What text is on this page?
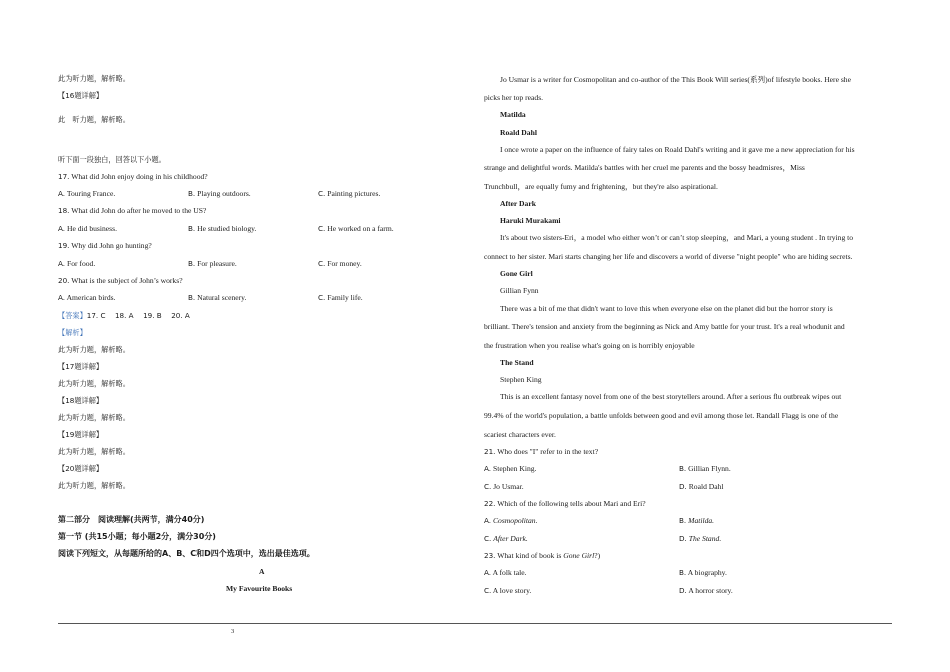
此为听力题，解析略。
【16题详解】
此　听力题，解析略。
听下面一段独白，回答以下小题。
17. What did John enjoy doing in his childhood?
A. Touring France.	B. Playing outdoors.	C. Painting pictures.
18. What did John do after he moved to the US?
A. He did business.	B. He studied biology.	C. He worked on a farm.
19. Why did John go hunting?
A. For food.	B. For pleasure.	C. For money.
20. What is the subject of John’s works?
A. American birds.	B. Natural scenery.	C. Family life.
【答案】17. C　 18. A　 19. B　 20. A
【解析】
此为听力题，解析略。
【17题详解】
此为听力题，解析略。
【18题详解】
此为听力题，解析略。
【19题详解】
此为听力题，解析略。
【20题详解】
此为听力题，解析略。
第二部分　阅读理解(共两节，满分40分)
第一节 (共15小题；每小题2分，满分30分)
阅读下列短文，从每题所给的A、B、C和D四个选项中，选出最佳选项。
A
My Favourite Books
Jo Usmar is a writer for Cosmopolitan and co-author of the This Book Will series(系列)of lifestyle books. Here she
picks her top reads.
Matilda
Roald Dahl
I once wrote a paper on the influence of fairy tales on Roald Dahl's writing and it gave me a new appreciation for his
strange and delightful words. Matilda's battles with her cruel me parents and the bossy headmisres，Miss
Trunchbull，are equally fumy and frightening，but they're also aspirational.
After Dark
Haruki Murakami
It's about two sisters-Eri，a model who either won’t or can’t stop sleeping，and Mari, a young student . In trying to
connect to her sister. Mari starts changing her life and discovers a world of diverse "night people" who are hiding secrets.
Gone Girl
Gillian Fynn
There was a bit of me that didn't want to love this when everyone else on the planet did but the horror story is
brilliant. There's tension and anxiety from the beginning as Nick and Amy battle for your trust. It's a real whodunit and
the frustration when you realise what's going on is horribly enjoyable
The Stand
Stephen King
This is an excellent fantasy novel from one of the best storytellers around. After a serious flu outbreak wipes out
99.4% of the world's population, a battle unfolds between good and evil among those let. Randall Flagg is one of the
scariest characters ever.
21. Who does "I" refer to in the text?
A. Stephen King.	B. Gillian Flynn.
C. Jo Usmar.	D. Roald Dahl
22. Which of the following tells about Mari and Eri?
A. Cosmopolitan.	B. Matilda.
C. After Dark.	D. The Stand.
23. What kind of book is Gone Girl?)
A. A folk tale.	B. A biography.
C. A love story.	D. A horror story.
3
